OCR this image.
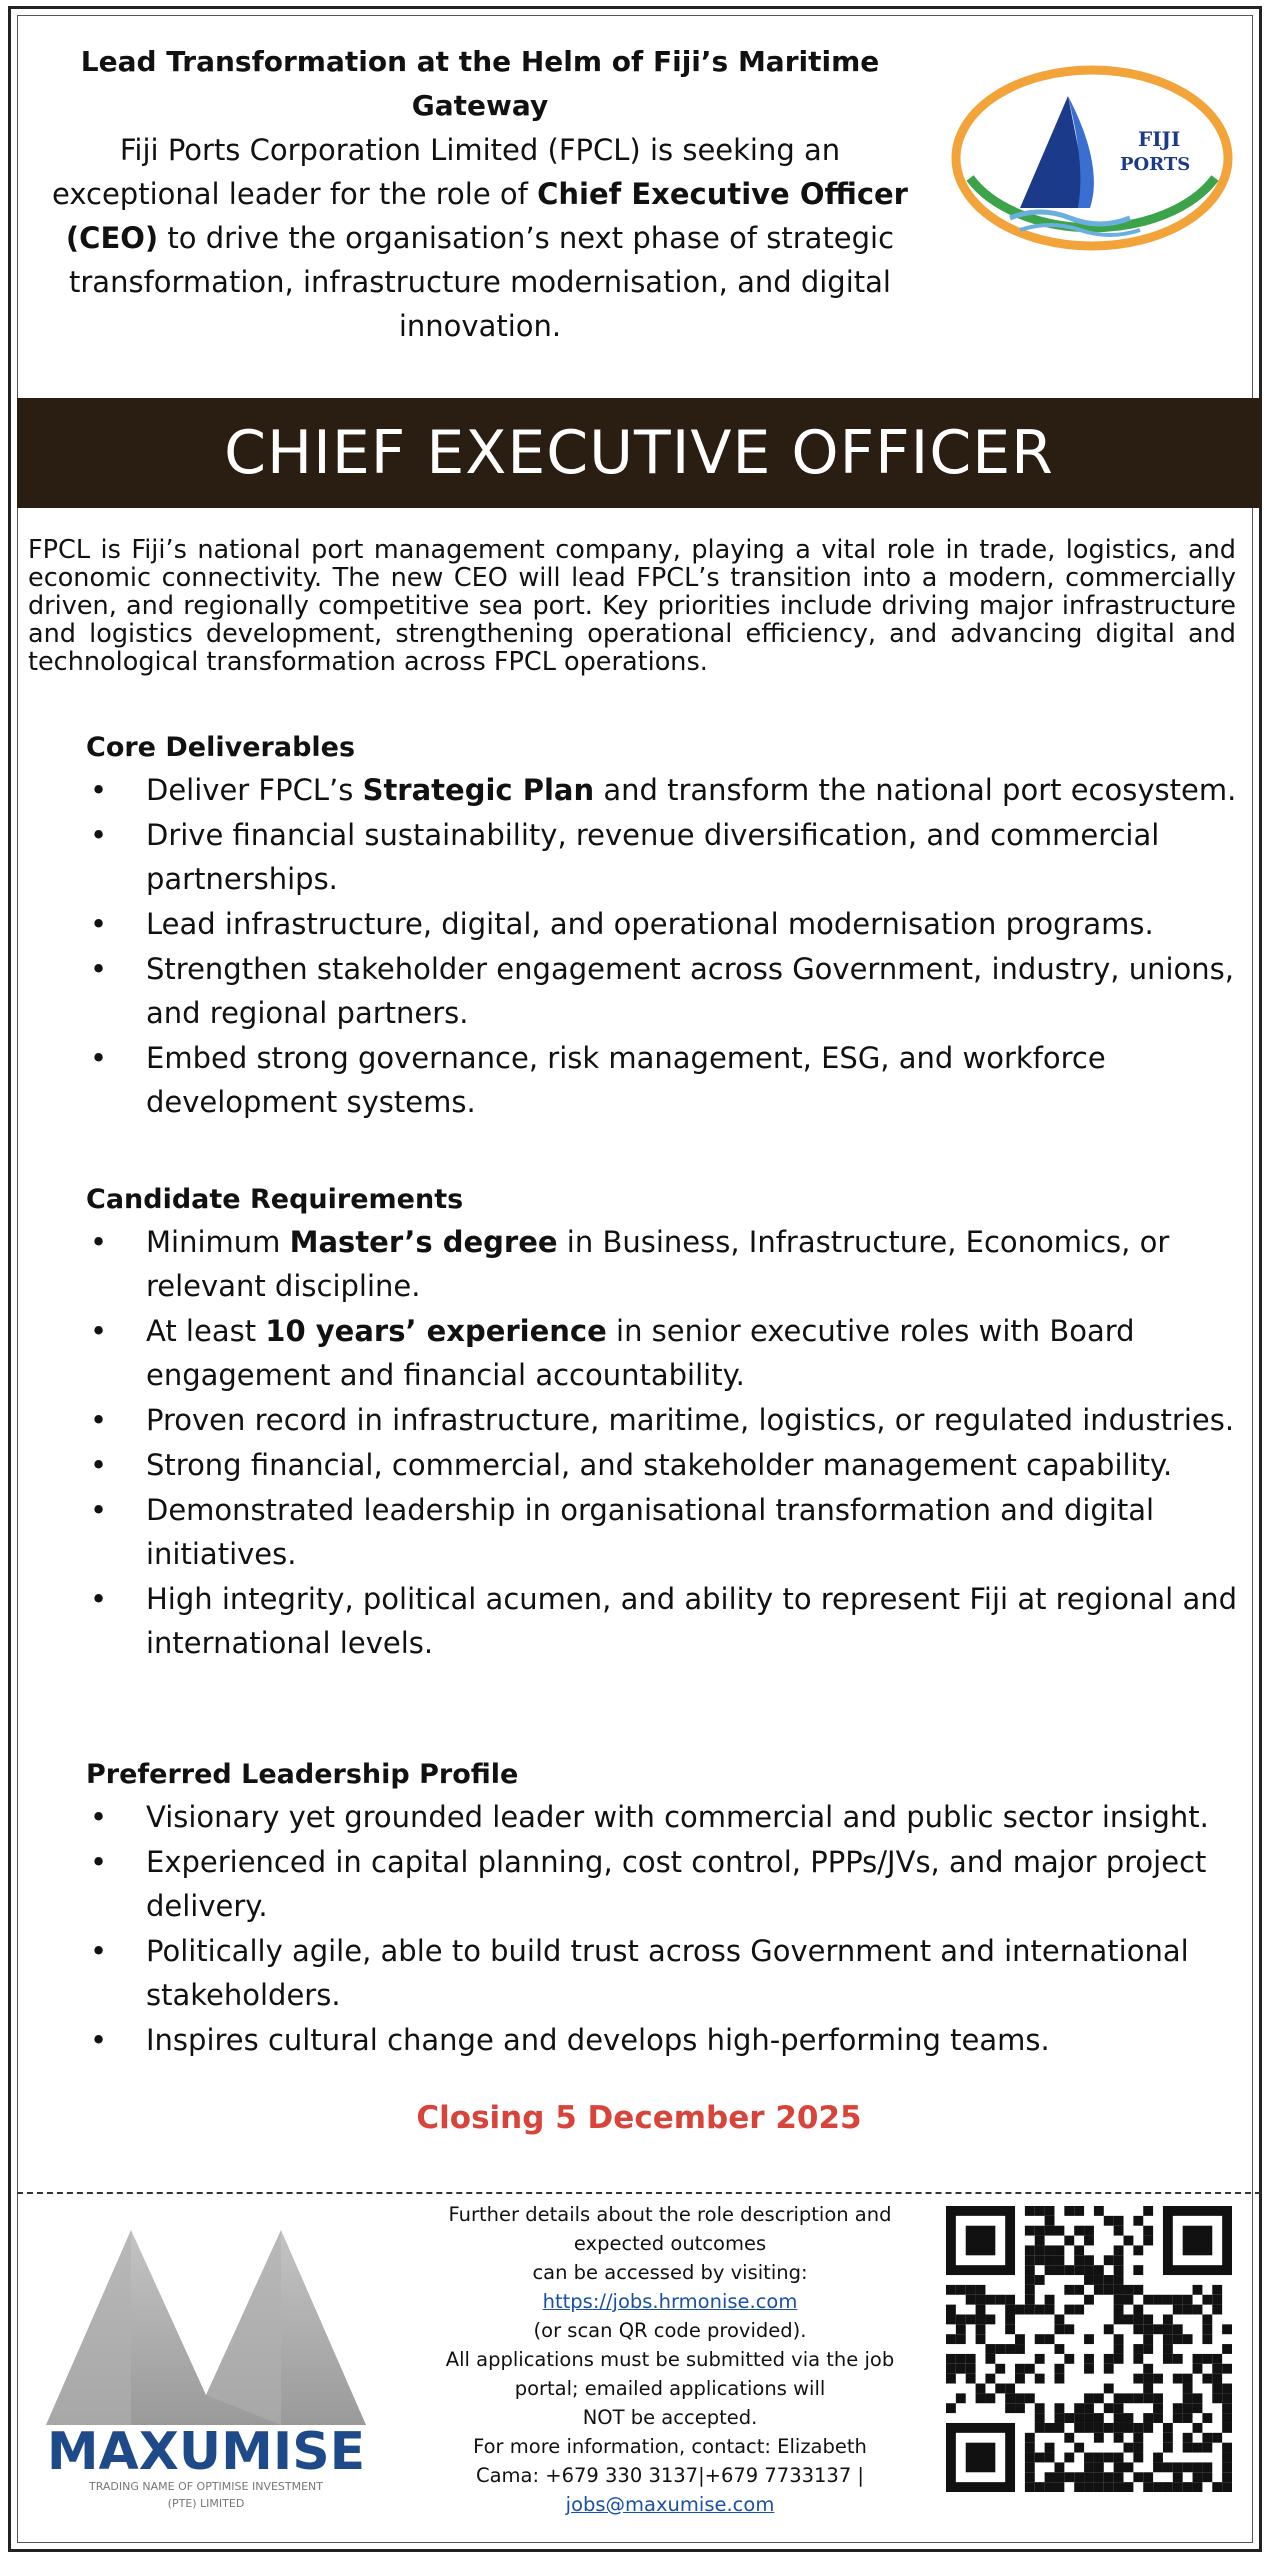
Lead Transformation at the Helm of Fiji’s Maritime Gateway
Fiji Ports Corporation Limited (FPCL) is seeking an exceptional leader for the role of Chief Executive Officer (CEO) to drive the organisation’s next phase of strategic transformation, infrastructure modernisation, and digital innovation.
FIJI
PORTS
CHIEF EXECUTIVE OFFICER
FPCL is Fiji’s national port management company, playing a vital role in trade, logistics, and economic connectivity. The new CEO will lead FPCL’s transition into a modern, commercially driven, and regionally competitive sea port. Key priorities include driving major infrastructure and logistics development, strengthening operational efficiency, and advancing digital and technological transformation across FPCL operations.
Core Deliverables
• Deliver FPCL’s Strategic Plan and transform the national port ecosystem.
• Drive financial sustainability, revenue diversification, and commercial partnerships.
• Lead infrastructure, digital, and operational modernisation programs.
• Strengthen stakeholder engagement across Government, industry, unions, and regional partners.
• Embed strong governance, risk management, ESG, and workforce development systems.
Candidate Requirements
• Minimum Master’s degree in Business, Infrastructure, Economics, or relevant discipline.
• At least 10 years’ experience in senior executive roles with Board engagement and financial accountability.
• Proven record in infrastructure, maritime, logistics, or regulated industries.
• Strong financial, commercial, and stakeholder management capability.
• Demonstrated leadership in organisational transformation and digital initiatives.
• High integrity, political acumen, and ability to represent Fiji at regional and international levels.
Preferred Leadership Profile
• Visionary yet grounded leader with commercial and public sector insight.
• Experienced in capital planning, cost control, PPPs/JVs, and major project delivery.
• Politically agile, able to build trust across Government and international stakeholders.
• Inspires cultural change and develops high-performing teams.
Closing 5 December 2025
MAXUMISE
TRADING NAME OF OPTIMISE INVESTMENT
(PTE) LIMITED
Further details about the role description and
expected outcomes
can be accessed by visiting:
https://jobs.hrmonise.com
(or scan QR code provided).
All applications must be submitted via the job
portal; emailed applications will
NOT be accepted.
For more information, contact: Elizabeth
Cama: +679 330 3137|+679 7733137 |
jobs@maxumise.com
